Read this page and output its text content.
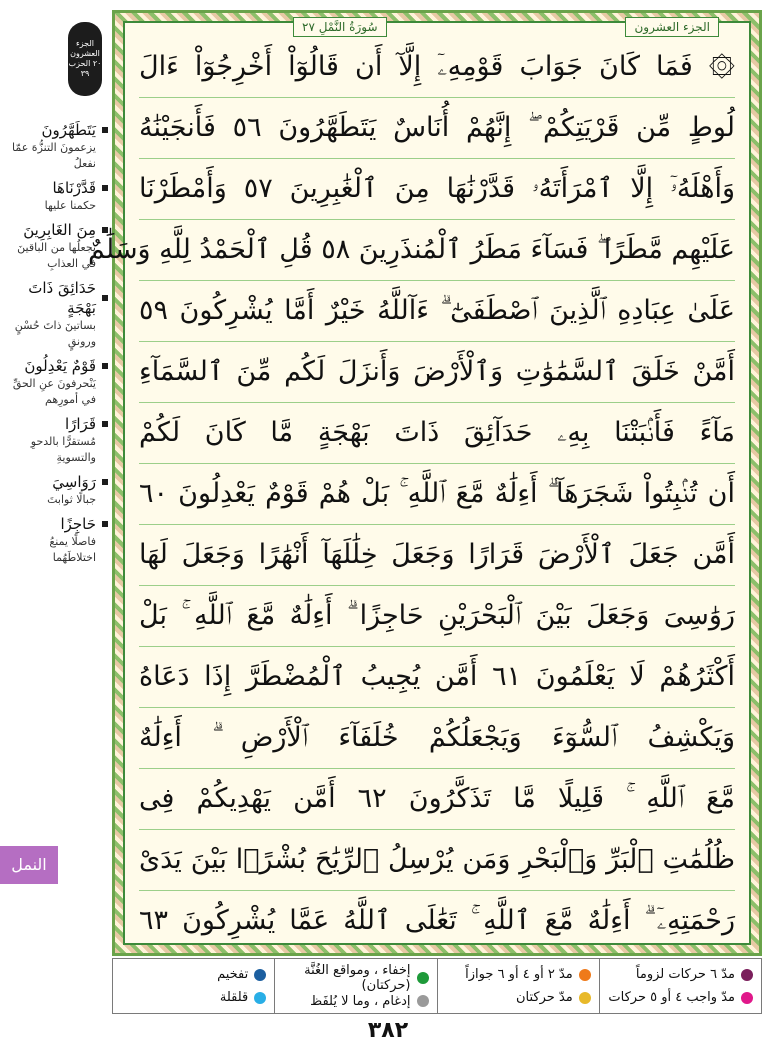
۞ فَمَا كَانَ جَوَابَ قَوْمِهِۦٓ إِلَّآ أَن قَالُوٓاْ أَخْرِجُوٓاْ ءَالَ
لُوطٍ مِّن قَرْيَتِكُمْ ۖ إِنَّهُمْ أُنَاسٌ يَتَطَهَّرُونَ ٥٦ فَأَنجَيْنَٰهُ
وَأَهْلَهُۥٓ إِلَّا ٱمْرَأَتَهُۥ قَدَّرْنَٰهَا مِنَ ٱلْغَٰبِرِينَ ٥٧ وَأَمْطَرْنَا
عَلَيْهِم مَّطَرًا ۖ فَسَآءَ مَطَرُ ٱلْمُنذَرِينَ ٥٨ قُلِ ٱلْحَمْدُ لِلَّهِ وَسَلَٰمٌ
عَلَىٰ عِبَادِهِ ٱلَّذِينَ ٱصْطَفَىٰٓ ۗ ءَآللَّهُ خَيْرٌ أَمَّا يُشْرِكُونَ ٥٩
أَمَّنْ خَلَقَ ٱلسَّمَٰوَٰتِ وَٱلْأَرْضَ وَأَنزَلَ لَكُم مِّنَ ٱلسَّمَآءِ
مَآءً فَأَنۢبَتْنَا بِهِۦ حَدَآئِقَ ذَاتَ بَهْجَةٍ مَّا كَانَ لَكُمْ
أَن تُنۢبِتُواْ شَجَرَهَآ ۗ أَءِلَٰهٌ مَّعَ ٱللَّهِ ۚ بَلْ هُمْ قَوْمٌ يَعْدِلُونَ ٦٠
أَمَّن جَعَلَ ٱلْأَرْضَ قَرَارًا وَجَعَلَ خِلَٰلَهَآ أَنْهَٰرًا وَجَعَلَ لَهَا
رَوَٰسِىَ وَجَعَلَ بَيْنَ ٱلْبَحْرَيْنِ حَاجِزًا ۗ أَءِلَٰهٌ مَّعَ ٱللَّهِ ۚ بَلْ
أَكْثَرُهُمْ لَا يَعْلَمُونَ ٦١ أَمَّن يُجِيبُ ٱلْمُضْطَرَّ إِذَا دَعَاهُ
وَيَكْشِفُ ٱلسُّوٓءَ وَيَجْعَلُكُمْ خُلَفَآءَ ٱلْأَرْضِ ۗ أَءِلَٰهٌ
مَّعَ ٱللَّهِ ۚ قَلِيلًا مَّا تَذَكَّرُونَ ٦٢ أَمَّن يَهْدِيكُمْ فِى
ظُلُمَٰتِ ٱلْبَرِّ وَٱلْبَحْرِ وَمَن يُرْسِلُ ٱلرِّيَٰحَ بُشْرًۢا بَيْنَ يَدَىْ
رَحْمَتِهِۦٓ ۗ أَءِلَٰهٌ مَّعَ ٱللَّهِ ۚ تَعَٰلَى ٱللَّهُ عَمَّا يُشْرِكُونَ ٦٣
سُورَةُ النَّمْلِ ٢٧	الجزء العشرون
الجزء
العشرون
٢٠ الحزب ٣٩
يَتَطَهَّرُونَ
يزعمونَ التنزُّهَ عمّا نفعلُ
قَدَّرْنَاهَا
حكمنا عليها
مِنَ الغَابِرِينَ
يجعلُها من الباقينَ في العذابِ
حَدَائِقَ ذَاتَ بَهْجَةٍ
بساتينَ ذاتَ حُسْنٍ ورونقٍ
قَوْمٌ يَعْدِلُونَ
يَنْحرفونَ عنِ الحقِّ في أمورِهم
قَرَارًا
مُستقرًّا بالدحوِ والتسويةِ
رَوَاسِيَ
جبالًا ثوابتَ
حَاجِزًا
فاصلًا يمنعُ اختلاطَهُما
النمل
مدّ ٦ حركات لزوماً
مدّ واجب ٤ أو ٥ حركات
مدّ ٢ أو ٤ أو ٦ جوازاً
مدّ حركتان
إخفاء ، ومواقع الغُنَّة (حركتان)
إدغام ، وما لا يُلفَظ
تفخيم
قلقلة
٣٨٢
